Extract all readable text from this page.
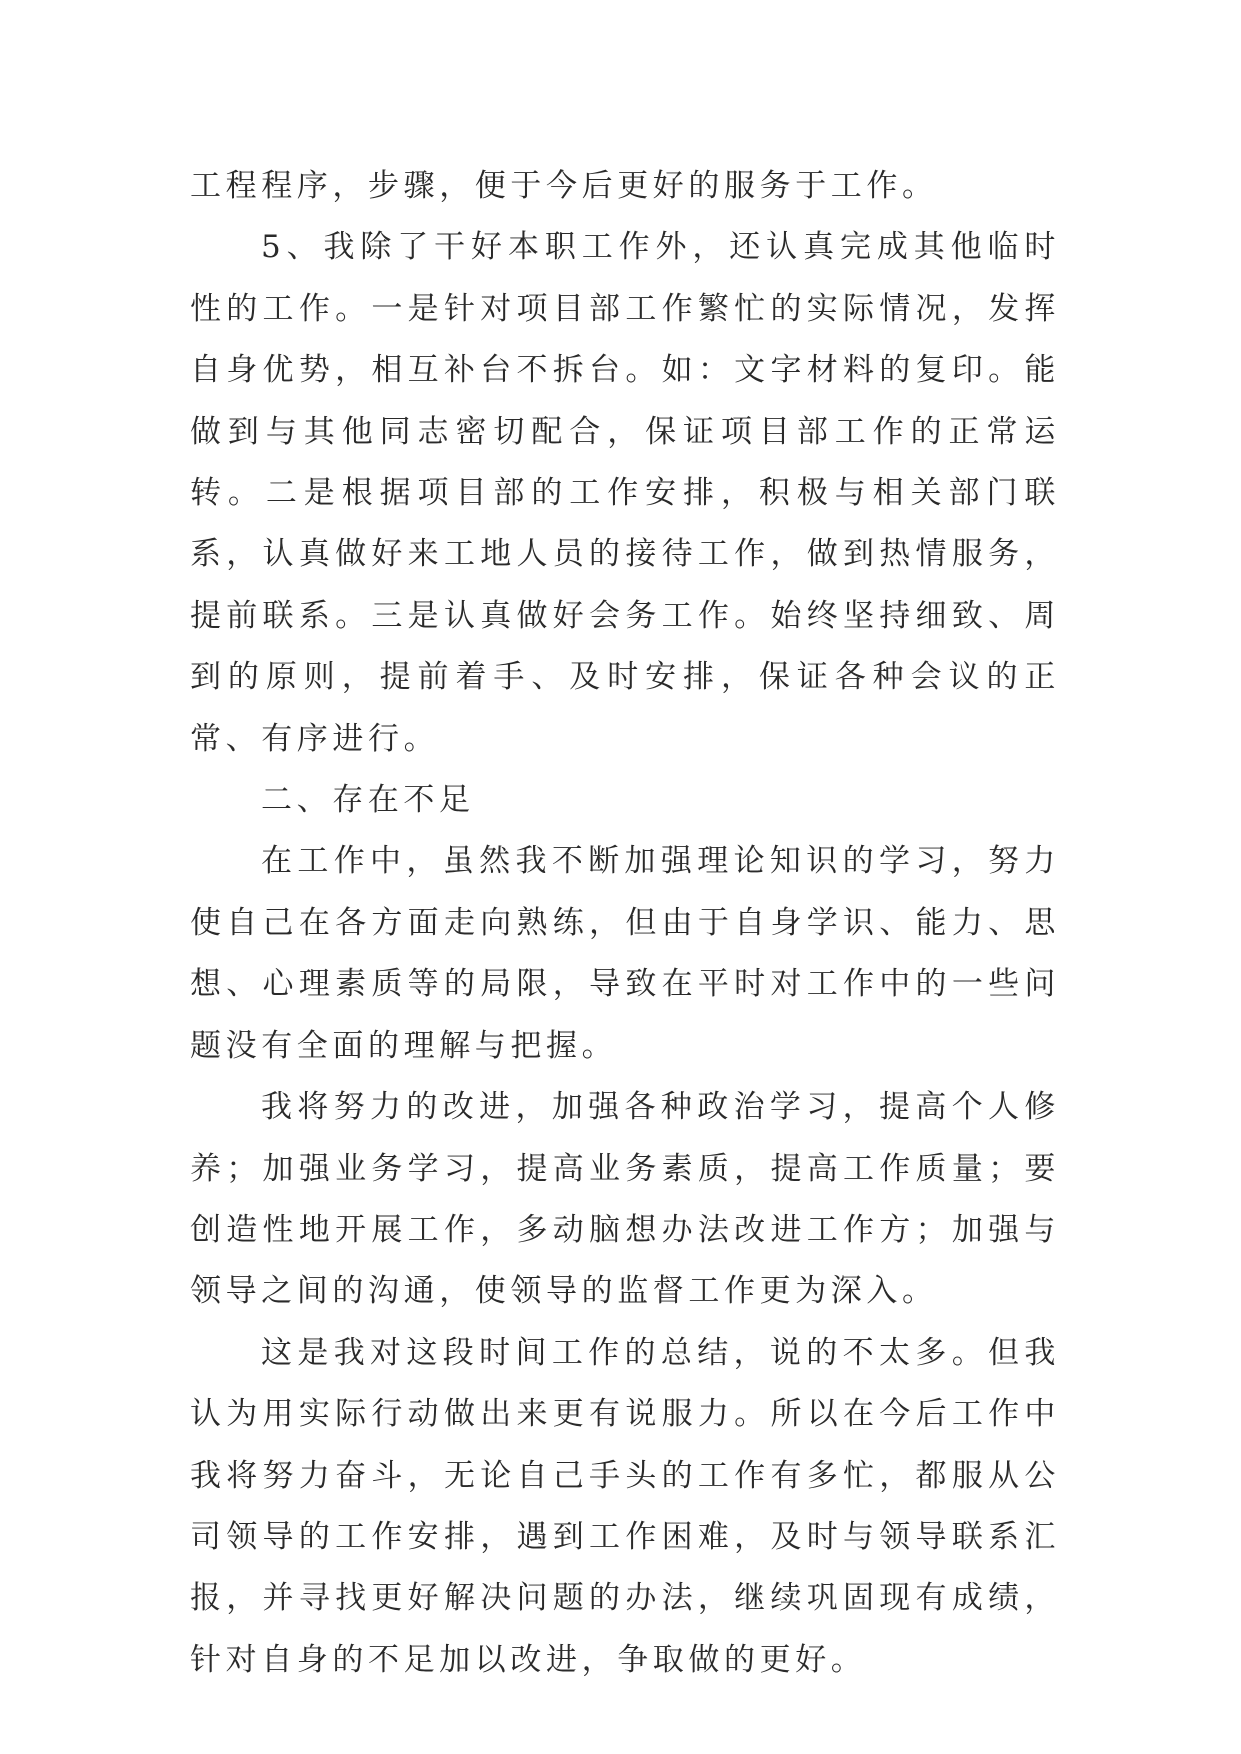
工程程序，步骤，便于今后更好的服务于工作。

5、我除了干好本职工作外，还认真完成其他临时性的工作。一是针对项目部工作繁忙的实际情况，发挥自身优势，相互补台不拆台。如：文字材料的复印。能做到与其他同志密切配合，保证项目部工作的正常运转。二是根据项目部的工作安排，积极与相关部门联系，认真做好来工地人员的接待工作，做到热情服务，提前联系。三是认真做好会务工作。始终坚持细致、周到的原则，提前着手、及时安排，保证各种会议的正常、有序进行。

二、存在不足

在工作中，虽然我不断加强理论知识的学习，努力使自己在各方面走向熟练，但由于自身学识、能力、思想、心理素质等的局限，导致在平时对工作中的一些问题没有全面的理解与把握。

我将努力的改进，加强各种政治学习，提高个人修养；加强业务学习，提高业务素质，提高工作质量；要创造性地开展工作，多动脑想办法改进工作方；加强与领导之间的沟通，使领导的监督工作更为深入。

这是我对这段时间工作的总结，说的不太多。但我认为用实际行动做出来更有说服力。所以在今后工作中我将努力奋斗，无论自己手头的工作有多忙，都服从公司领导的工作安排，遇到工作困难，及时与领导联系汇报，并寻找更好解决问题的办法，继续巩固现有成绩，针对自身的不足加以改进，争取做的更好。
